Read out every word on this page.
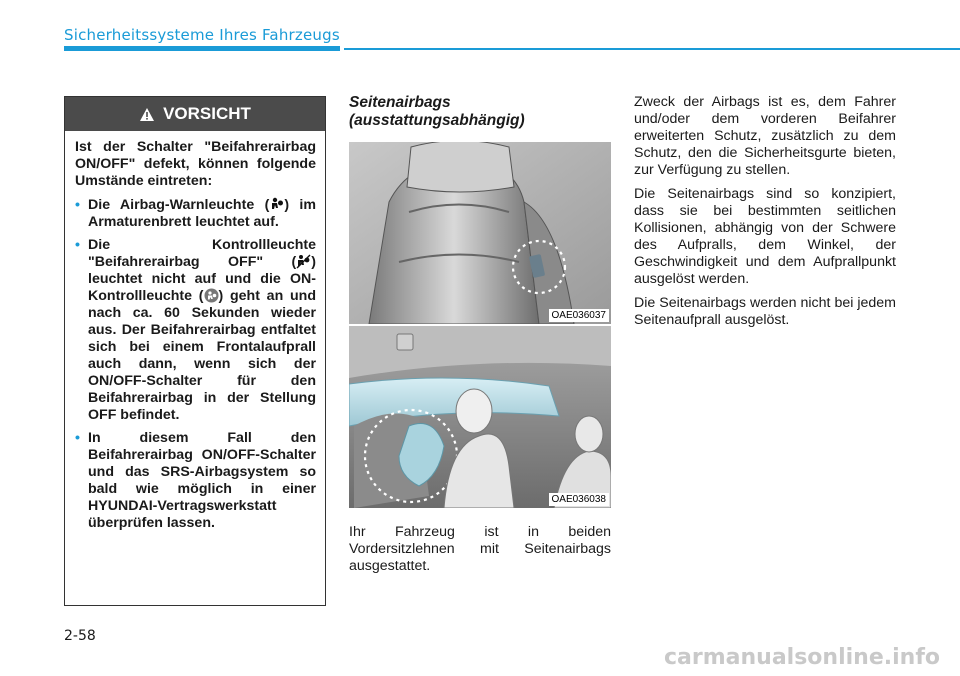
Sicherheitssysteme Ihres Fahrzeugs
VORSICHT

Ist der Schalter "Beifahrerairbag ON/OFF" defekt, können folgende Umstände eintreten:

• Die Airbag-Warnleuchte ( ) im Armaturenbrett leuchtet auf.
• Die Kontrollleuchte "Beifahrerairbag OFF" ( ) leuchtet nicht auf und die ON-Kontrollleuchte ( ) geht an und nach ca. 60 Sekunden wieder aus. Der Beifahrerairbag entfaltet sich bei einem Frontalaufprall auch dann, wenn sich der ON/OFF-Schalter für den Beifahrerairbag in der Stellung OFF befindet.
• In diesem Fall den Beifahrerairbag ON/OFF-Schalter und das SRS-Airbagsystem so bald wie möglich in einer HYUNDAI-Vertragswerkstatt überprüfen lassen.
Seitenairbags (ausstattungsabhängig)
OAE036037
OAE036038
Ihr Fahrzeug ist in beiden Vordersitzlehnen mit Seitenairbags ausgestattet.

Zweck der Airbags ist es, dem Fahrer und/oder dem vorderen Beifahrer erweiterten Schutz, zusätzlich zu dem Schutz, den die Sicherheitsgurte bieten, zur Verfügung zu stellen.

Die Seitenairbags sind so konzipiert, dass sie bei bestimmten seitlichen Kollisionen, abhängig von der Schwere des Aufpralls, dem Winkel, der Geschwindigkeit und dem Aufprallpunkt ausgelöst werden.

Die Seitenairbags werden nicht bei jedem Seitenaufprall ausgelöst.

2-58
carmanualsonline.info
